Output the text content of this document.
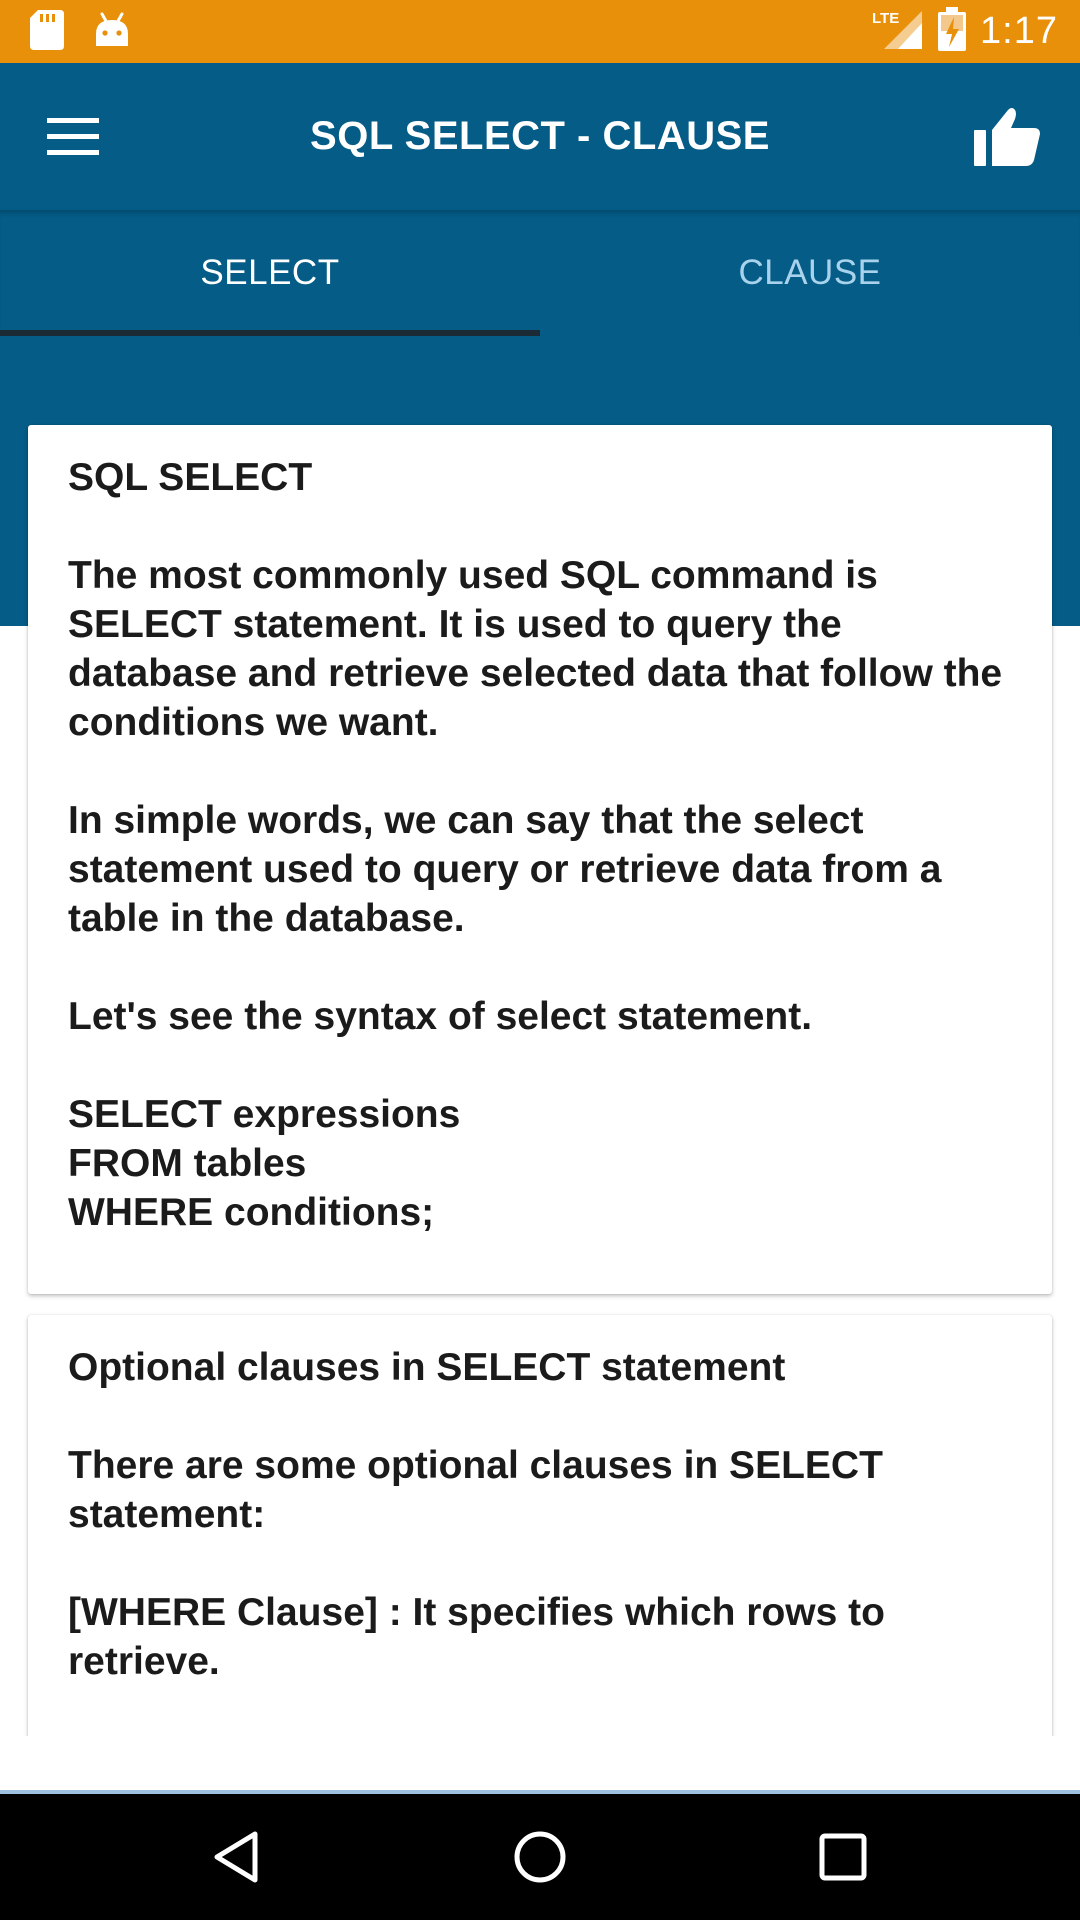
LTE 1:17
SQL SELECT - CLAUSE
SELECT	CLAUSE

SQL SELECT

The most commonly used SQL command is SELECT statement. It is used to query the database and retrieve selected data that follow the conditions we want.

In simple words, we can say that the select statement used to query or retrieve data from a table in the database.

Let's see the syntax of select statement.

SELECT expressions
FROM tables
WHERE conditions;

Optional clauses in SELECT statement

There are some optional clauses in SELECT statement:

[WHERE Clause] : It specifies which rows to retrieve.
